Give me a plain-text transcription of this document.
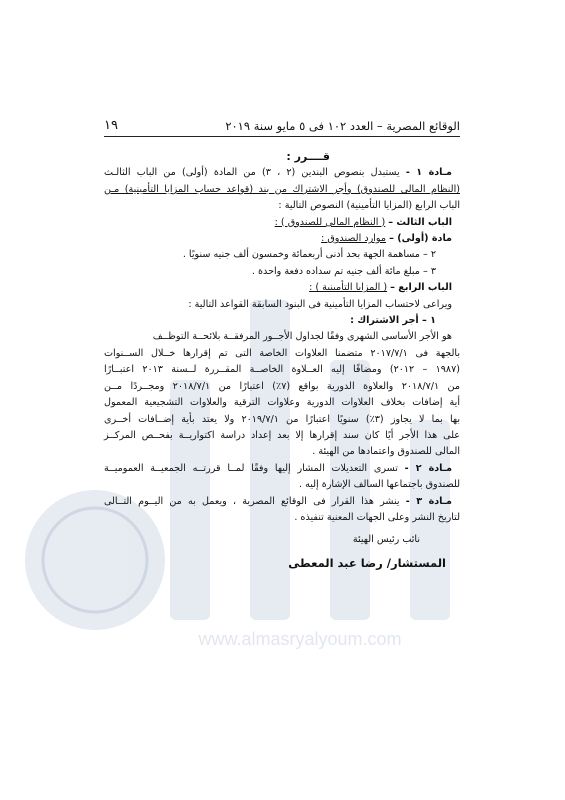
www.almasryalyoum.com
الوقائع المصرية – العدد ١٠٢ فى ٥ مايو سنة ٢٠١٩
١٩
قــــرر :
مـادة ١ - يستبدل بنصوص البندين (٢ ، ٣) من المادة (أولى) من الباب الثالـث
(النظام المالى للصندوق) وأجر الاشتراك من بند (قواعد حساب المزايا التأمينية) مـن
الباب الرابع (المزايا التأمينية) النصوص التالية :
الباب الثالث – ( النظام المالى للصندوق ) :
مادة (أولى) – موارد الصندوق :
٢ – مساهمة الجهة بحد أدنى أربعمائة وخمسون ألف جنيه سنويًا .
٣ – مبلغ مائة ألف جنيه تم سداده دفعة واحدة .
الباب الرابع – ( المزايا التأمينية ) :
ويراعى لاحتساب المزايا التأمينية فى البنود السابقة القواعد التالية :
١ – أجر الاشتراك :
هو الأجر الأساسى الشهرى وفقًا لجداول الأجــور المرفقــة بلائحــة التوظــف
بالجهة فى ٢٠١٧/٧/١ متضمنا العلاوات الخاصة التى تم إقرارها خــلال الســنوات
(١٩٨٧ – ٢٠١٢) ومضافًا إليه العــلاوة الخاصــة المقــررة لــسنة ٢٠١٣ اعتبــارًا
من ٢٠١٨/٧/١ والعلاوة الدورية بواقع (٧٪) اعتبارًا من ٢٠١٨/٧/١ ومجــردًا مــن
أية إضافات بخلاف العلاوات الدورية وعلاوات الترقية والعلاوات التشجيعية المعمول
بها بما لا يجاوز (٣٪) سنويًا اعتبارًا من ٢٠١٩/٧/١ ولا يعتد بأية إضــافات أخــرى
على هذا الأجر أيًا كان سند إقرارها إلا بعد إعداد دراسة اكتواريــة بفحــص المركــز
المالى للصندوق واعتمادها من الهيئة .
مـادة ٢ - تسرى التعديلات المشار إليها وفقًا لمــا قررتــه الجمعيــة العموميــة
للصندوق باجتماعها السالف الإشارة إليه .
مـادة ٣ - ينشر هذا القرار فى الوقائع المصرية ، ويعمل به من اليــوم التــالى
لتاريخ النشر وعلى الجهات المعنية تنفيذه .
نائب رئيس الهيئة
المستشار/ رضا عبد المعطى
